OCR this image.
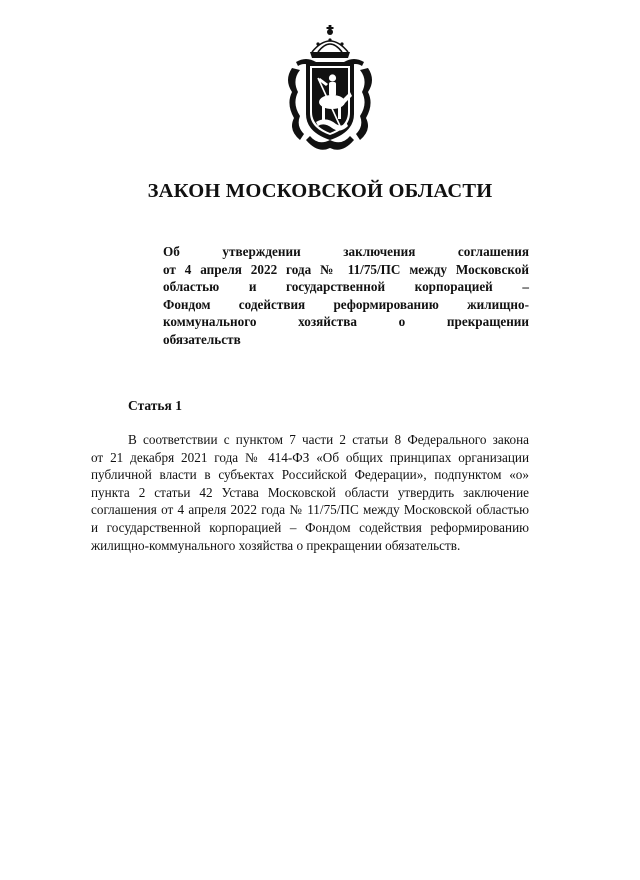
ЗАКОН МОСКОВСКОЙ ОБЛАСТИ
Об утверждении заключения соглашения
от 4 апреля 2022 года № 11/75/ПС между Московской
областью и государственной корпорацией –
Фондом содействия реформированию жилищно-
коммунального хозяйства о прекращении
обязательств
Статья 1
В соответствии с пунктом 7 части 2 статьи 8 Федерального закона
от 21 декабря 2021 года № 414-ФЗ «Об общих принципах организации
публичной власти в субъектах Российской Федерации», подпунктом «о»
пункта 2 статьи 42 Устава Московской области утвердить заключение
соглашения от 4 апреля 2022 года № 11/75/ПС между Московской областью
и государственной корпорацией – Фондом содействия реформированию
жилищно-коммунального хозяйства о прекращении обязательств.
